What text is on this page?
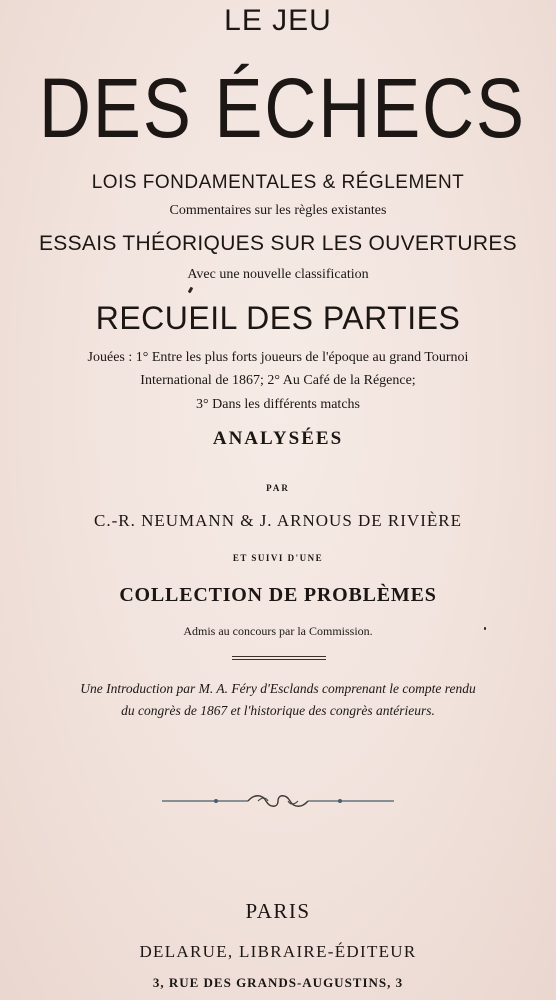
LE JEU
DES ÉCHECS
LOIS FONDAMENTALES & RÉGLEMENT
Commentaires sur les règles existantes
ESSAIS THÉORIQUES SUR LES OUVERTURES
Avec une nouvelle classification
RECUEIL DES PARTIES
Jouées : 1° Entre les plus forts joueurs de l'époque au grand Tournoi
International de 1867; 2° Au Café de la Régence;
3° Dans les différents matchs
ANALYSÉES
PAR
C.-R. NEUMANN & J. ARNOUS DE RIVIÈRE
ET SUIVI D'UNE
COLLECTION DE PROBLÈMES
Admis au concours par la Commission.
Une Introduction par M. A. Féry d'Esclands comprenant le compte rendu
du congrès de 1867 et l'historique des congrès antérieurs.
PARIS
DELARUE, LIBRAIRE-ÉDITEUR
3, RUE DES GRANDS-AUGUSTINS, 3
